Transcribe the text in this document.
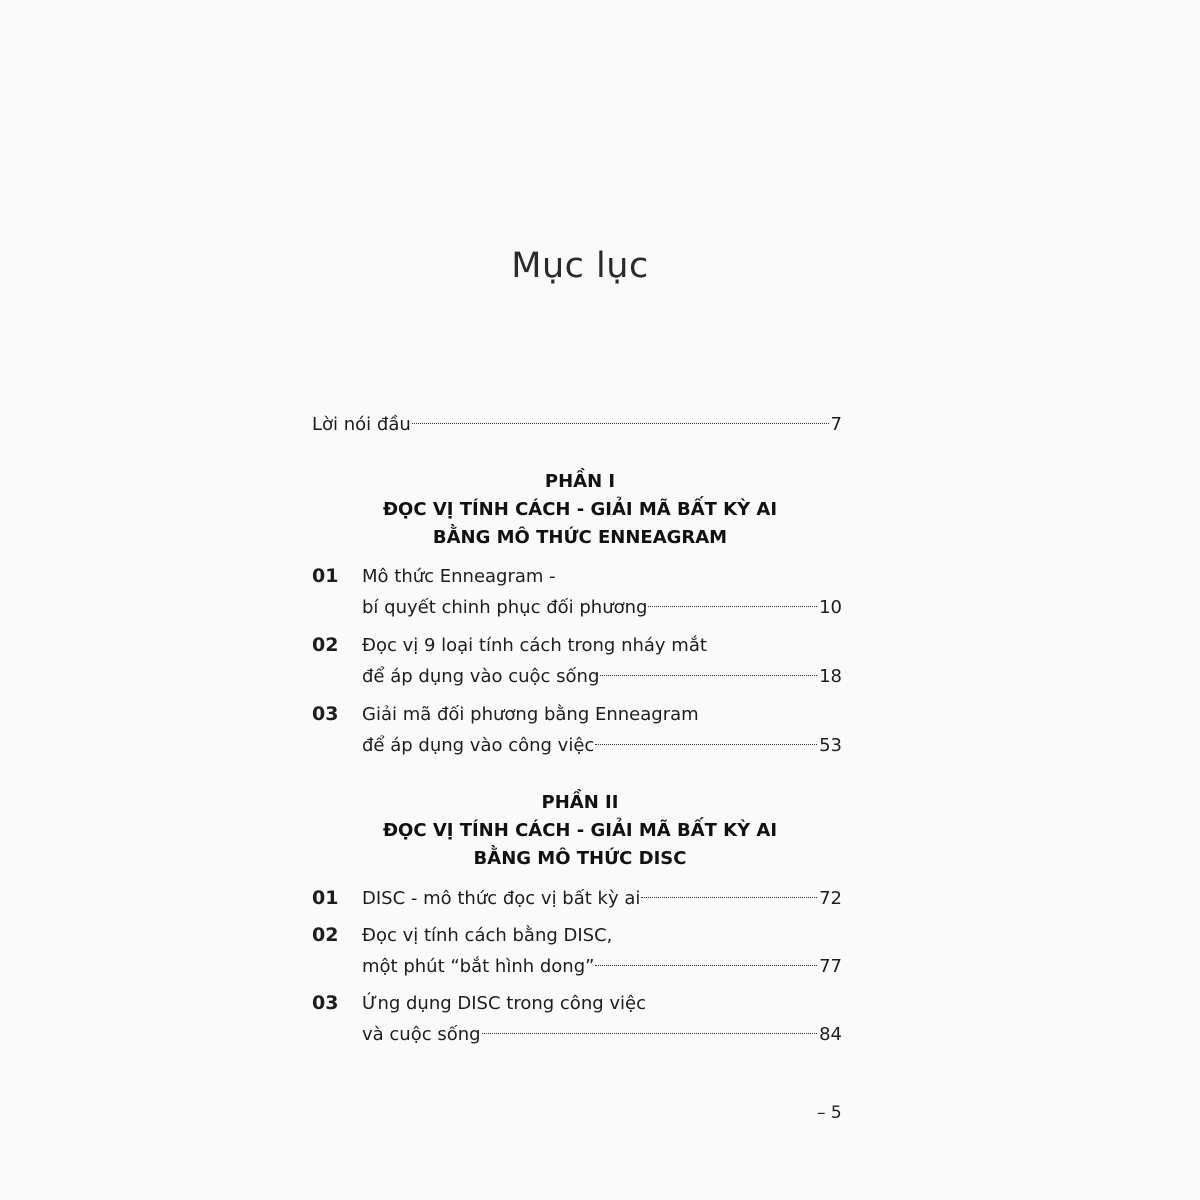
Mục lục
Lời nói đầu	7
PHẦN I
ĐỌC VỊ TÍNH CÁCH - GIẢI MÃ BẤT KỲ AI
BẰNG MÔ THỨC ENNEAGRAM
01	Mô thức Enneagram -
bí quyết chinh phục đối phương	10
02	Đọc vị 9 loại tính cách trong nháy mắt
để áp dụng vào cuộc sống	18
03	Giải mã đối phương bằng Enneagram
để áp dụng vào công việc	53
PHẦN II
ĐỌC VỊ TÍNH CÁCH - GIẢI MÃ BẤT KỲ AI
BẰNG MÔ THỨC DISC
01 DISC - mô thức đọc vị bất kỳ ai	72
02	Đọc vị tính cách bằng DISC,
một phút “bắt hình dong”	77
03	Ứng dụng DISC trong công việc
và cuộc sống	84
– 5
